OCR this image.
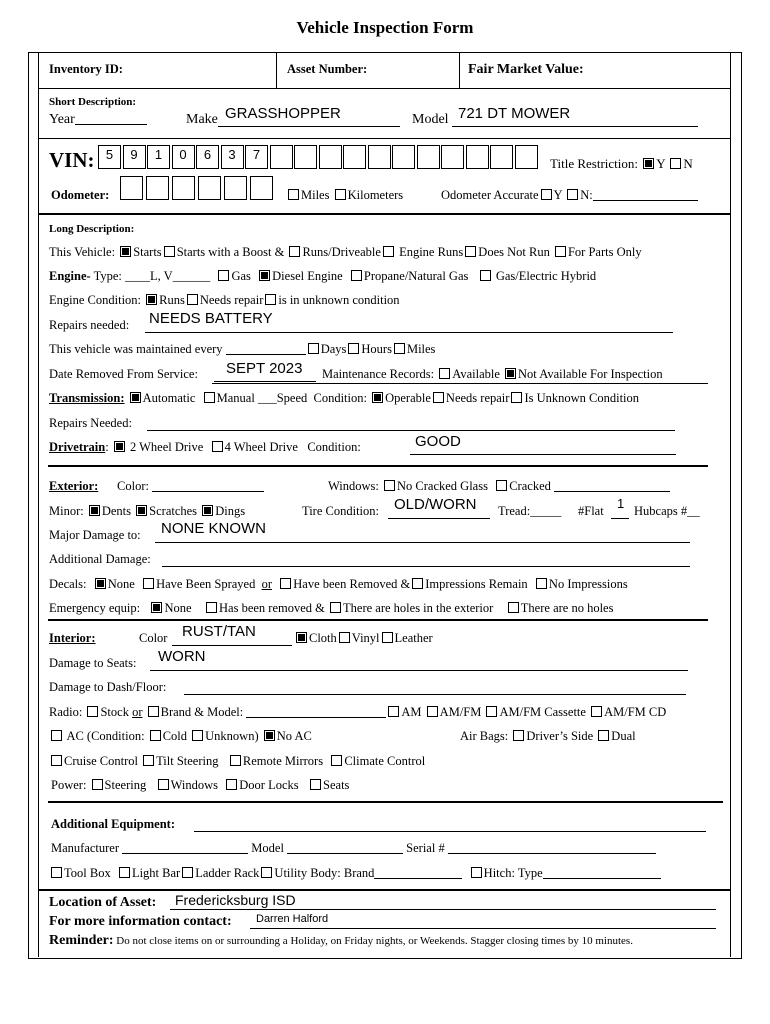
Vehicle Inspection Form
Inventory ID:	Asset Number:	Fair Market Value:
Short Description:
Year	Make GRASSHOPPER	Model 721 DT MOWER
VIN: 5	9	1	0	6	3	7
Title Restriction: Y N
Odometer:	Miles Kilometers	Odometer Accurate Y N:
Long Description:
This Vehicle: Starts Starts with a Boost & Runs/Driveable Engine Runs Does Not Run For Parts Only
Engine- Type: ____L, V______ Gas Diesel Engine Propane/Natural Gas Gas/Electric Hybrid
Engine Condition: Runs Needs repair is in unknown condition
Repairs needed: NEEDS BATTERY
This vehicle was maintained every	Days Hours Miles
Date Removed From Service: SEPT 2023 Maintenance Records: Available Not Available For Inspection
Transmission: Automatic Manual ___Speed Condition: Operable Needs repair Is Unknown Condition
Repairs Needed:
Drivetrain:  2 Wheel Drive 4 Wheel Drive Condition:	GOOD
Exterior: Color:	Windows: No Cracked Glass Cracked
Minor: Dents Scratches Dings	Tire Condition: OLD/WORN Tread:_____ #Flat 1 Hubcaps #__
Major Damage to: NONE KNOWN
Additional Damage:
Decals: None Have Been Sprayed or Have been Removed & Impressions Remain No Impressions
Emergency equip: None Has been removed & There are holes in the exterior There are no holes
Interior:	Color RUST/TAN	Cloth Vinyl Leather
Damage to Seats: WORN
Damage to Dash/Floor:
Radio: Stock or Brand & Model:	AM AM/FM AM/FM Cassette AM/FM CD
AC (Condition: Cold Unknown) No AC	Air Bags: Driver’s Side Dual
Cruise Control Tilt Steering Remote Mirrors Climate Control
Power: Steering Windows Door Locks Seats
Additional Equipment:
Manufacturer	Model	Serial #
Tool Box Light Bar Ladder Rack Utility Body: Brand	Hitch: Type
Location of Asset: Fredericksburg ISD
For more information contact: Darren Halford
Reminder: Do not close items on or surrounding a Holiday, on Friday nights, or Weekends. Stagger closing times by 10 minutes.
